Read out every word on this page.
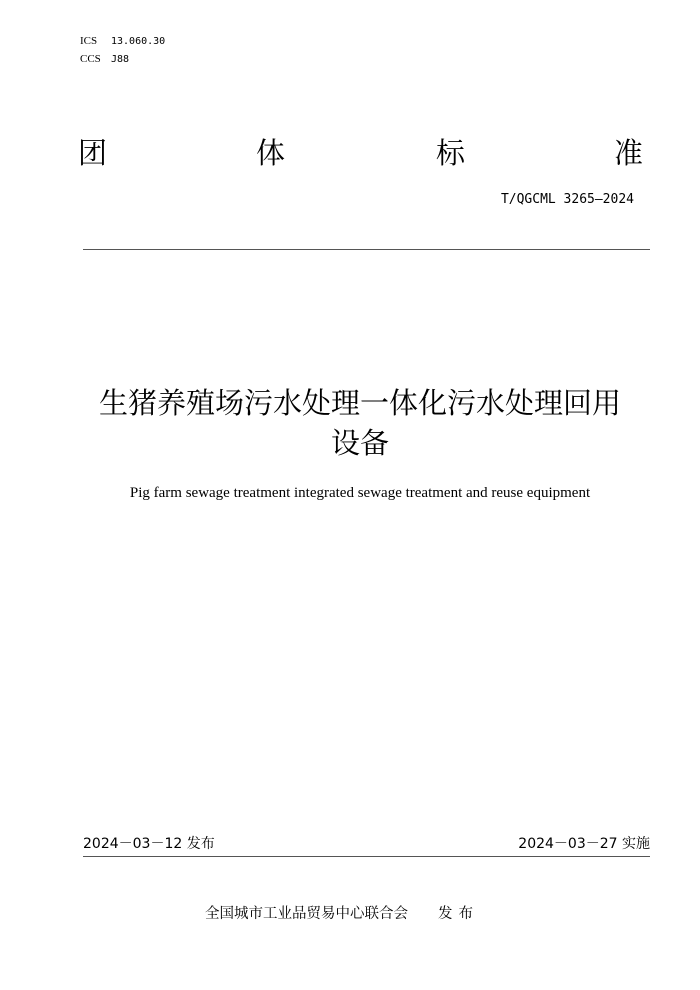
ICS 13.060.30
CCS J88
团	体	标	准
T/QGCML 3265—2024
生猪养殖场污水处理一体化污水处理回用
设备
Pig farm sewage treatment integrated sewage treatment and reuse equipment
2024－03－12 发布	2024－03－27 实施
全国城市工业品贸易中心联合会 发布
